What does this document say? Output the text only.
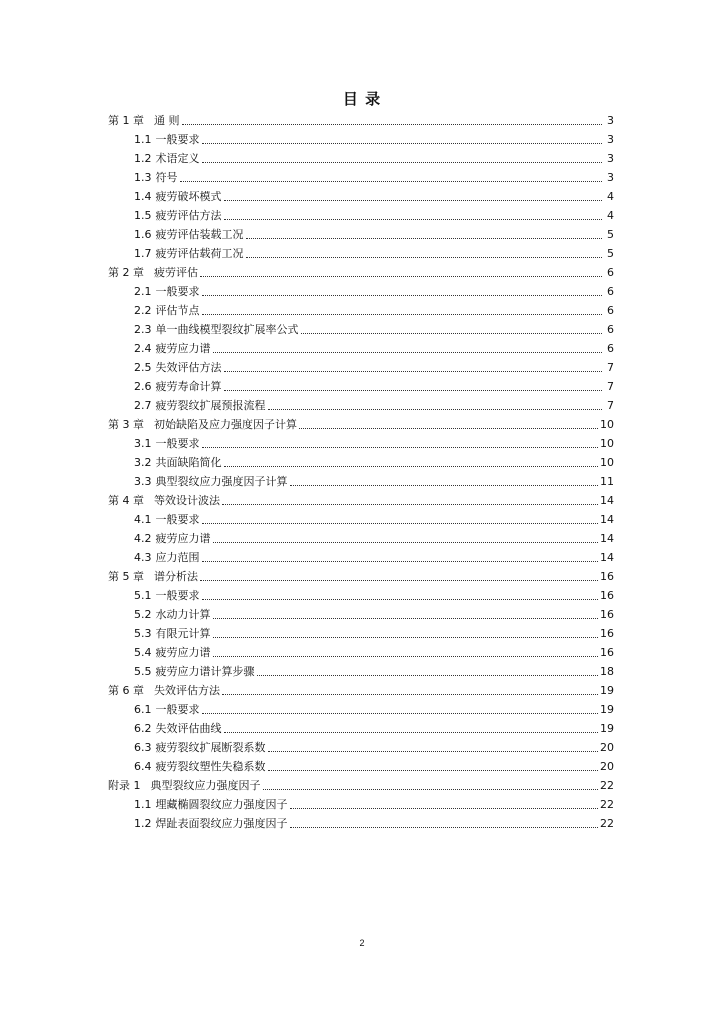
目 录
第 1 章 通 则	3
1.1 一般要求	3
1.2 术语定义	3
1.3 符号	3
1.4 疲劳破坏模式	4
1.5 疲劳评估方法	4
1.6 疲劳评估装载工况	5
1.7 疲劳评估载荷工况	5
第 2 章 疲劳评估	6
2.1 一般要求	6
2.2 评估节点	6
2.3 单一曲线模型裂纹扩展率公式	6
2.4 疲劳应力谱	6
2.5 失效评估方法	7
2.6 疲劳寿命计算	7
2.7 疲劳裂纹扩展预报流程	7
第 3 章 初始缺陷及应力强度因子计算	10
3.1 一般要求	10
3.2 共面缺陷简化	10
3.3 典型裂纹应力强度因子计算	11
第 4 章 等效设计波法	14
4.1 一般要求	14
4.2 疲劳应力谱	14
4.3 应力范围	14
第 5 章 谱分析法	16
5.1 一般要求	16
5.2 水动力计算	16
5.3 有限元计算	16
5.4 疲劳应力谱	16
5.5 疲劳应力谱计算步骤	18
第 6 章 失效评估方法	19
6.1 一般要求	19
6.2 失效评估曲线	19
6.3 疲劳裂纹扩展断裂系数	20
6.4 疲劳裂纹塑性失稳系数	20
附录 1 典型裂纹应力强度因子	22
1.1 埋藏椭圆裂纹应力强度因子	22
1.2 焊趾表面裂纹应力强度因子	22
2
